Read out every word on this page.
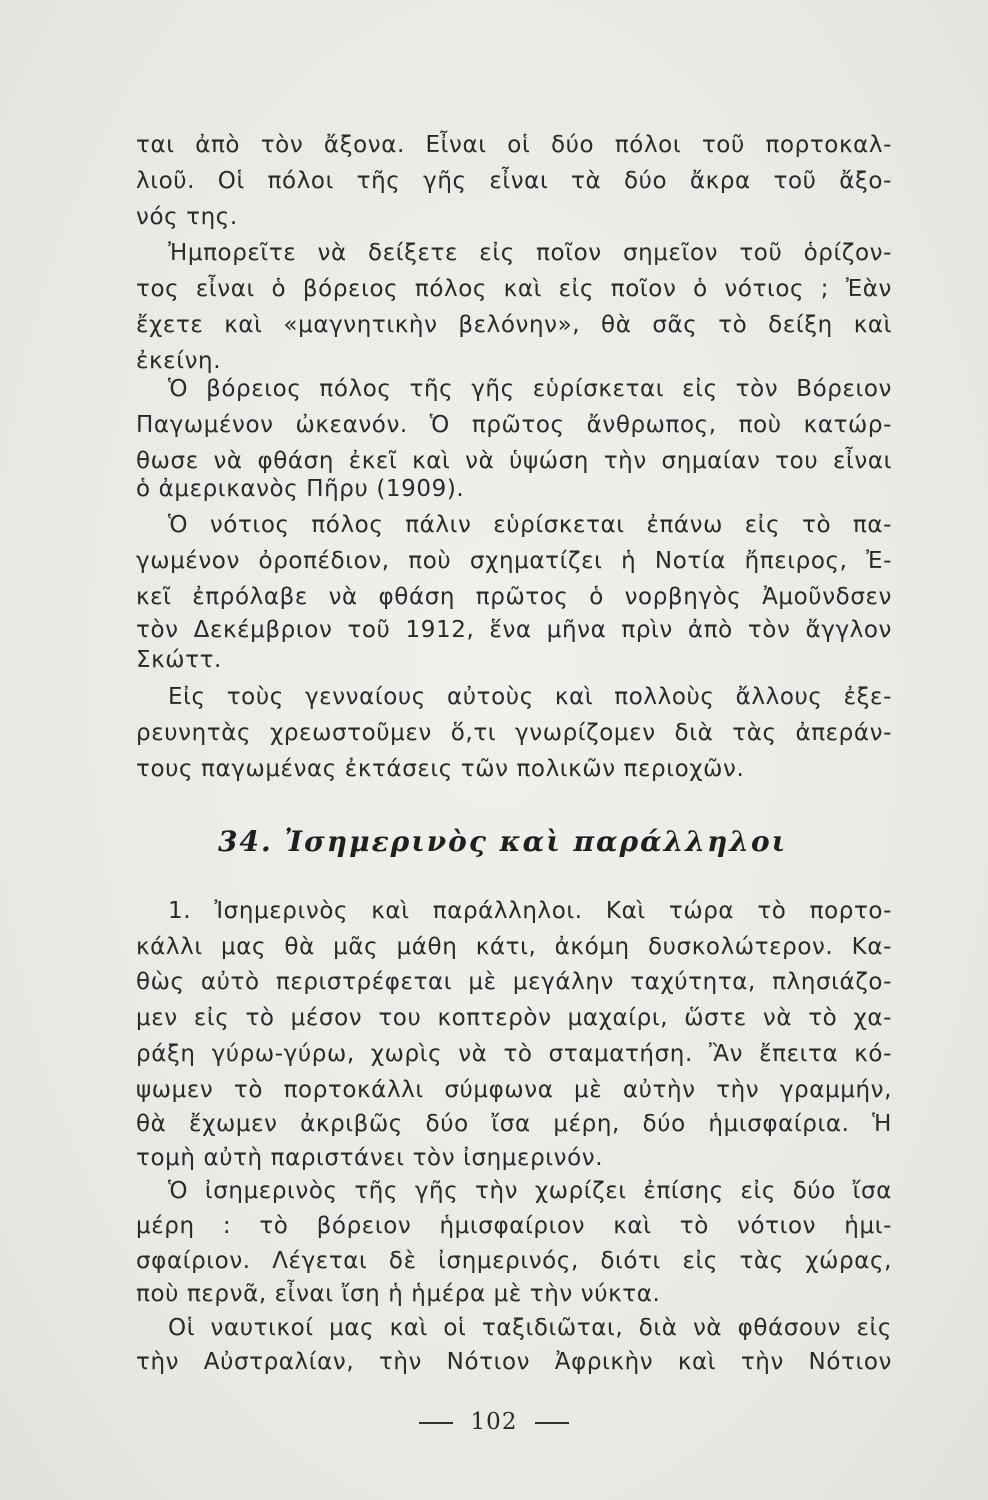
ται ἀπὸ τὸν ἄξονα. Εἶναι οἱ δύο πόλοι τοῦ πορτοκαλ-
λιοῦ. Οἱ πόλοι τῆς γῆς εἶναι τὰ δύο ἄκρα τοῦ ἄξο-
νός της.
Ἠμπορεῖτε νὰ δείξετε εἰς ποῖον σημεῖον τοῦ ὁρίζον-
τος εἶναι ὁ βόρειος πόλος καὶ εἰς ποῖον ὁ νότιος ; Ἐὰν
ἔχετε καὶ «μαγνητικὴν βελόνην», θὰ σᾶς τὸ δείξη καὶ
ἐκείνη.
Ὁ βόρειος πόλος τῆς γῆς εὑρίσκεται εἰς τὸν Βόρειον
Παγωμένον ὠκεανόν. Ὁ πρῶτος ἄνθρωπος, ποὺ κατώρ-
θωσε νὰ φθάση ἐκεῖ καὶ νὰ ὑψώση τὴν σημαίαν του εἶναι
ὁ ἀμερικανὸς Πῆρυ (1909).
Ὁ νότιος πόλος πάλιν εὑρίσκεται ἐπάνω εἰς τὸ πα-
γωμένον ὀροπέδιον, ποὺ σχηματίζει ἡ Νοτία ἤπειρος, Ἐ-
κεῖ ἐπρόλαβε νὰ φθάση πρῶτος ὁ νορβηγὸς Ἀμοῦνδσεν
τὸν Δεκέμβριον τοῦ 1912, ἕνα μῆνα πρὶν ἀπὸ τὸν ἄγγλον
Σκώττ.
Εἰς τοὺς γενναίους αὐτοὺς καὶ πολλοὺς ἄλλους ἐξε-
ρευνητὰς χρεωστοῦμεν ὅ,τι γνωρίζομεν διὰ τὰς ἀπεράν-
τους παγωμένας ἐκτάσεις τῶν πολικῶν περιοχῶν.
34. Ἰσημερινὸς καὶ παράλληλοι
1. Ἰσημερινὸς καὶ παράλληλοι. Καὶ τώρα τὸ πορτο-
κάλλι μας θὰ μᾶς μάθη κάτι, ἀκόμη δυσκολώτερον. Κα-
θὼς αὐτὸ περιστρέφεται μὲ μεγάλην ταχύτητα, πλησιάζο-
μεν εἰς τὸ μέσον του κοπτερὸν μαχαίρι, ὥστε νὰ τὸ χα-
ράξη γύρω-γύρω, χωρὶς νὰ τὸ σταματήση. Ἂν ἔπειτα κό-
ψωμεν τὸ πορτοκάλλι σύμφωνα μὲ αὐτὴν τὴν γραμμήν,
θὰ ἔχωμεν ἀκριβῶς δύο ἴσα μέρη, δύο ἡμισφαίρια. Ἡ
τομὴ αὐτὴ παριστάνει τὸν ἰσημερινόν.
Ὁ ἰσημερινὸς τῆς γῆς τὴν χωρίζει ἐπίσης εἰς δύο ἴσα
μέρη : τὸ βόρειον ἡμισφαίριον καὶ τὸ νότιον ἡμι-
σφαίριον. Λέγεται δὲ ἰσημερινός, διότι εἰς τὰς χώρας,
ποὺ περνᾶ, εἶναι ἴση ἡ ἡμέρα μὲ τὴν νύκτα.
Οἱ ναυτικοί μας καὶ οἱ ταξιδιῶται, διὰ νὰ φθάσουν εἰς
τὴν Αὐστραλίαν, τὴν Νότιον Ἀφρικὴν καὶ τὴν Νότιον
102
